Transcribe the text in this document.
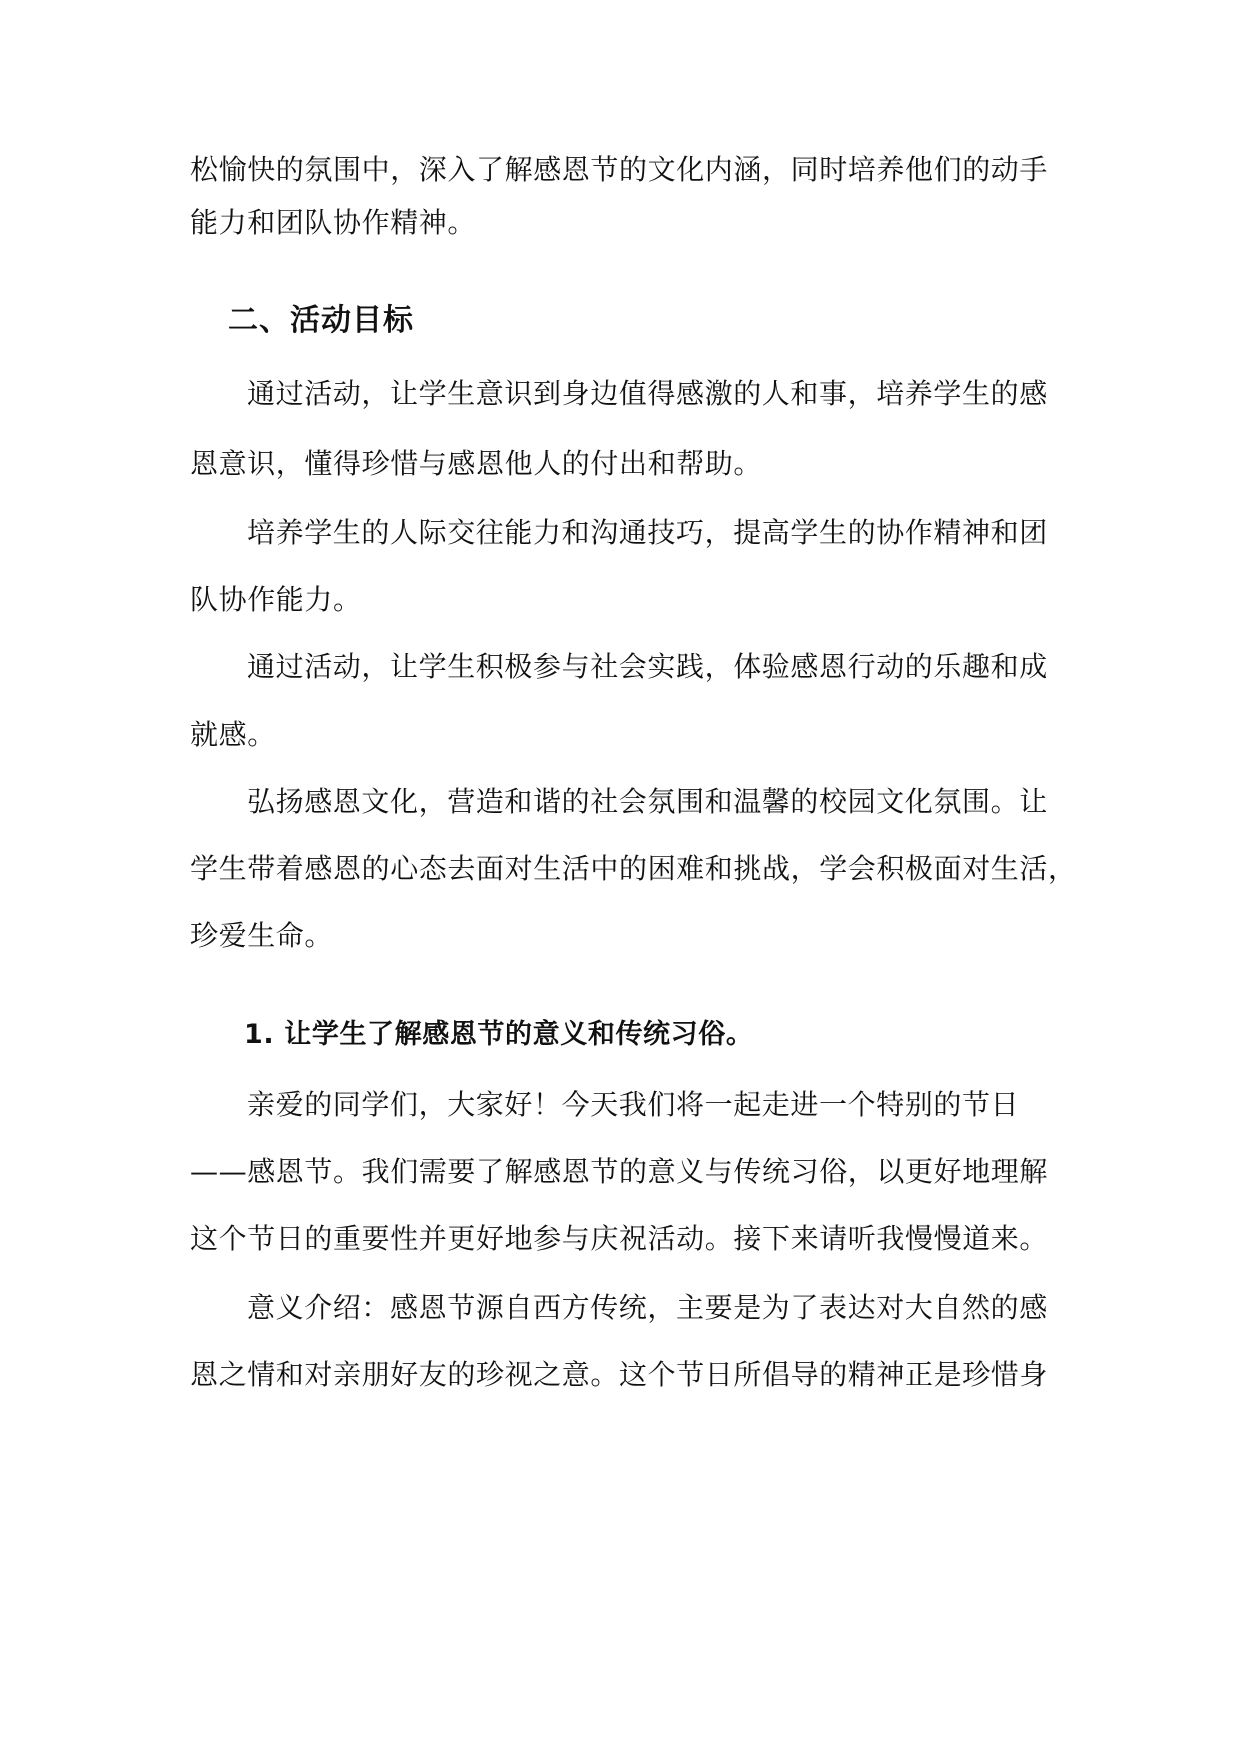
松愉快的氛围中，深入了解感恩节的文化内涵，同时培养他们的动手
能力和团队协作精神。
二、活动目标
通过活动，让学生意识到身边值得感激的人和事，培养学生的感
恩意识，懂得珍惜与感恩他人的付出和帮助。
培养学生的人际交往能力和沟通技巧，提高学生的协作精神和团
队协作能力。
通过活动，让学生积极参与社会实践，体验感恩行动的乐趣和成
就感。
弘扬感恩文化，营造和谐的社会氛围和温馨的校园文化氛围。让
学生带着感恩的心态去面对生活中的困难和挑战，学会积极面对生活，
珍爱生命。
1. 让学生了解感恩节的意义和传统习俗。
亲爱的同学们，大家好！今天我们将一起走进一个特别的节日
——感恩节。我们需要了解感恩节的意义与传统习俗，以更好地理解
这个节日的重要性并更好地参与庆祝活动。接下来请听我慢慢道来。
意义介绍：感恩节源自西方传统，主要是为了表达对大自然的感
恩之情和对亲朋好友的珍视之意。这个节日所倡导的精神正是珍惜身
